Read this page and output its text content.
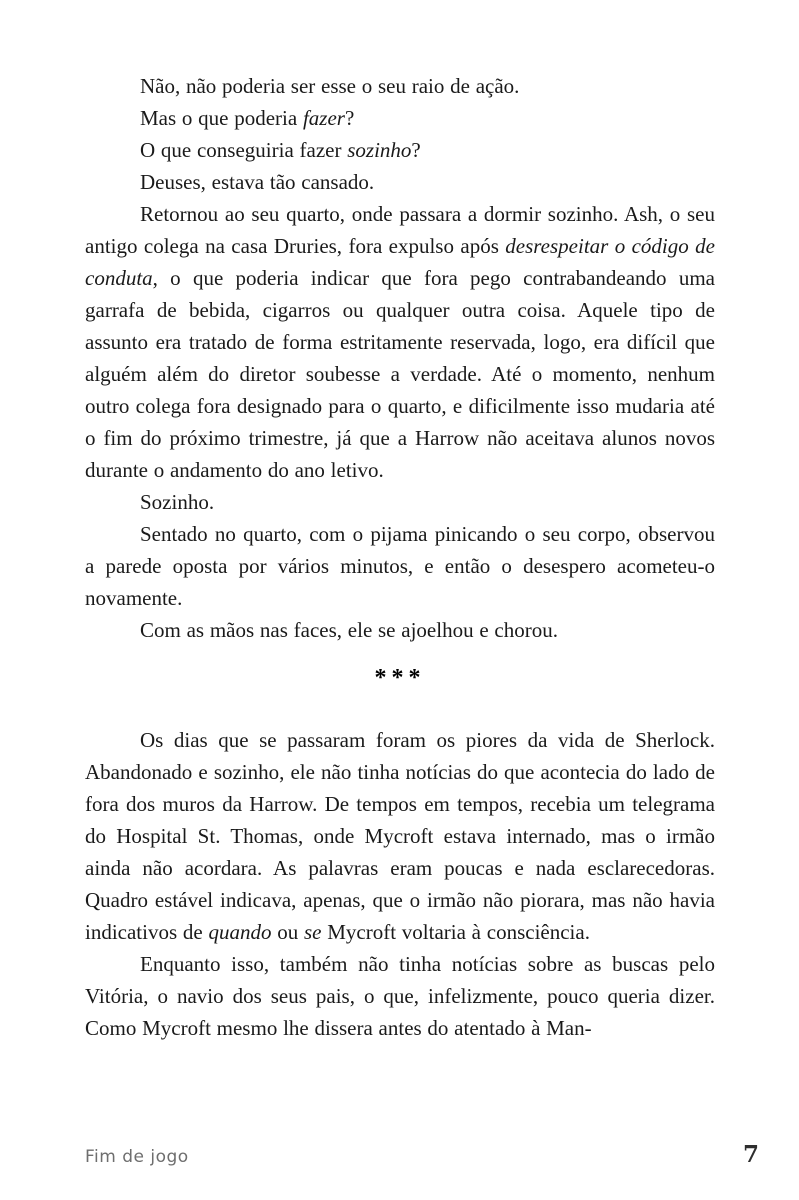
Não, não poderia ser esse o seu raio de ação.

Mas o que poderia fazer?

O que conseguiria fazer sozinho?

Deuses, estava tão cansado.

Retornou ao seu quarto, onde passara a dormir sozinho. Ash, o seu antigo colega na casa Druries, fora expulso após desrespeitar o código de conduta, o que poderia indicar que fora pego contrabandeando uma garrafa de bebida, cigarros ou qualquer outra coisa. Aquele tipo de assunto era tratado de forma estritamente reservada, logo, era difícil que alguém além do diretor soubesse a verdade. Até o momento, nenhum outro colega fora designado para o quarto, e dificilmente isso mudaria até o fim do próximo trimestre, já que a Harrow não aceitava alunos novos durante o andamento do ano letivo.

Sozinho.

Sentado no quarto, com o pijama pinicando o seu corpo, observou a parede oposta por vários minutos, e então o desespero acometeu-o novamente.

Com as mãos nas faces, ele se ajoelhou e chorou.

***

Os dias que se passaram foram os piores da vida de Sherlock. Abandonado e sozinho, ele não tinha notícias do que acontecia do lado de fora dos muros da Harrow. De tempos em tempos, recebia um telegrama do Hospital St. Thomas, onde Mycroft estava internado, mas o irmão ainda não acordara. As palavras eram poucas e nada esclarecedoras. Quadro estável indicava, apenas, que o irmão não piorara, mas não havia indicativos de quando ou se Mycroft voltaria à consciência.

Enquanto isso, também não tinha notícias sobre as buscas pelo Vitória, o navio dos seus pais, o que, infelizmente, pouco queria dizer. Como Mycroft mesmo lhe dissera antes do atentado à Man-

Fim de jogo	7
